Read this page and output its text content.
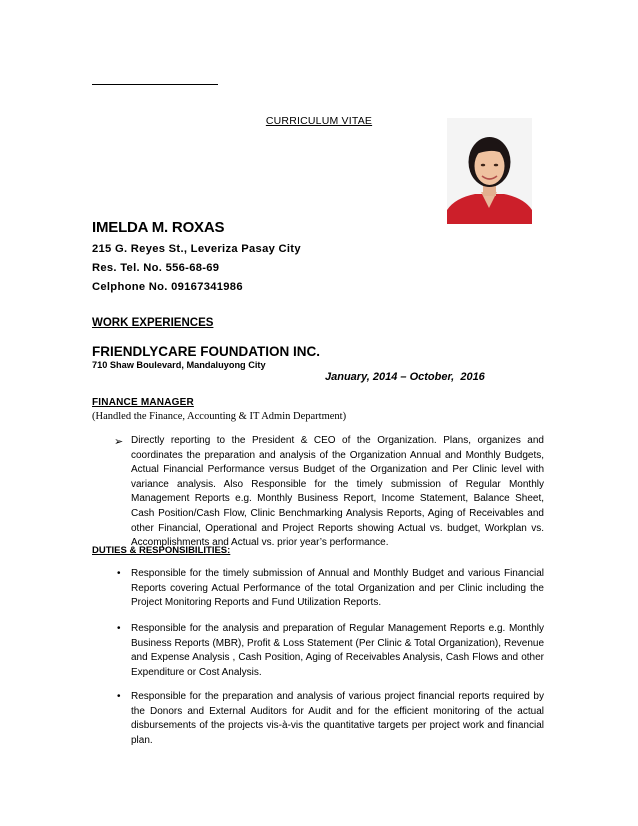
CURRICULUM VITAE
IMELDA M. ROXAS
215 G. Reyes St., Leveriza Pasay City
Res. Tel. No. 556-68-69
Celphone No. 09167341986
WORK EXPERIENCES
FRIENDLYCARE FOUNDATION INC.
710 Shaw Boulevard, Mandaluyong City
January, 2014 – October,  2016
FINANCE MANAGER
(Handled the Finance, Accounting & IT Admin Department)
➢ Directly reporting to the President & CEO of the Organization. Plans, organizes and coordinates the preparation and analysis of the Organization Annual and Monthly Budgets, Actual Financial Performance versus Budget of the Organization and Per Clinic level with variance analysis. Also Responsible for the timely submission of Regular Monthly Management Reports e.g. Monthly Business Report, Income Statement, Balance Sheet, Cash Position/Cash Flow, Clinic Benchmarking Analysis Reports, Aging of Receivables and other Financial, Operational and Project Reports showing Actual vs. budget, Workplan vs. Accomplishments and Actual vs. prior year’s performance.
DUTIES & RESPONSIBILITIES:
• Responsible for the timely submission of Annual and Monthly Budget and various Financial Reports covering Actual Performance of the total Organization and per Clinic including the Project Monitoring Reports and Fund Utilization Reports.
• Responsible for the analysis and preparation of Regular Management Reports e.g. Monthly Business Reports (MBR), Profit & Loss Statement (Per Clinic & Total Organization), Revenue and Expense Analysis , Cash Position, Aging of Receivables Analysis, Cash Flows and other Expenditure or Cost Analysis.
• Responsible for the preparation and analysis of various project financial reports required by the Donors and External Auditors for Audit and for the efficient monitoring of the actual disbursements of the projects vis-à-vis the quantitative targets per project work and financial plan.
